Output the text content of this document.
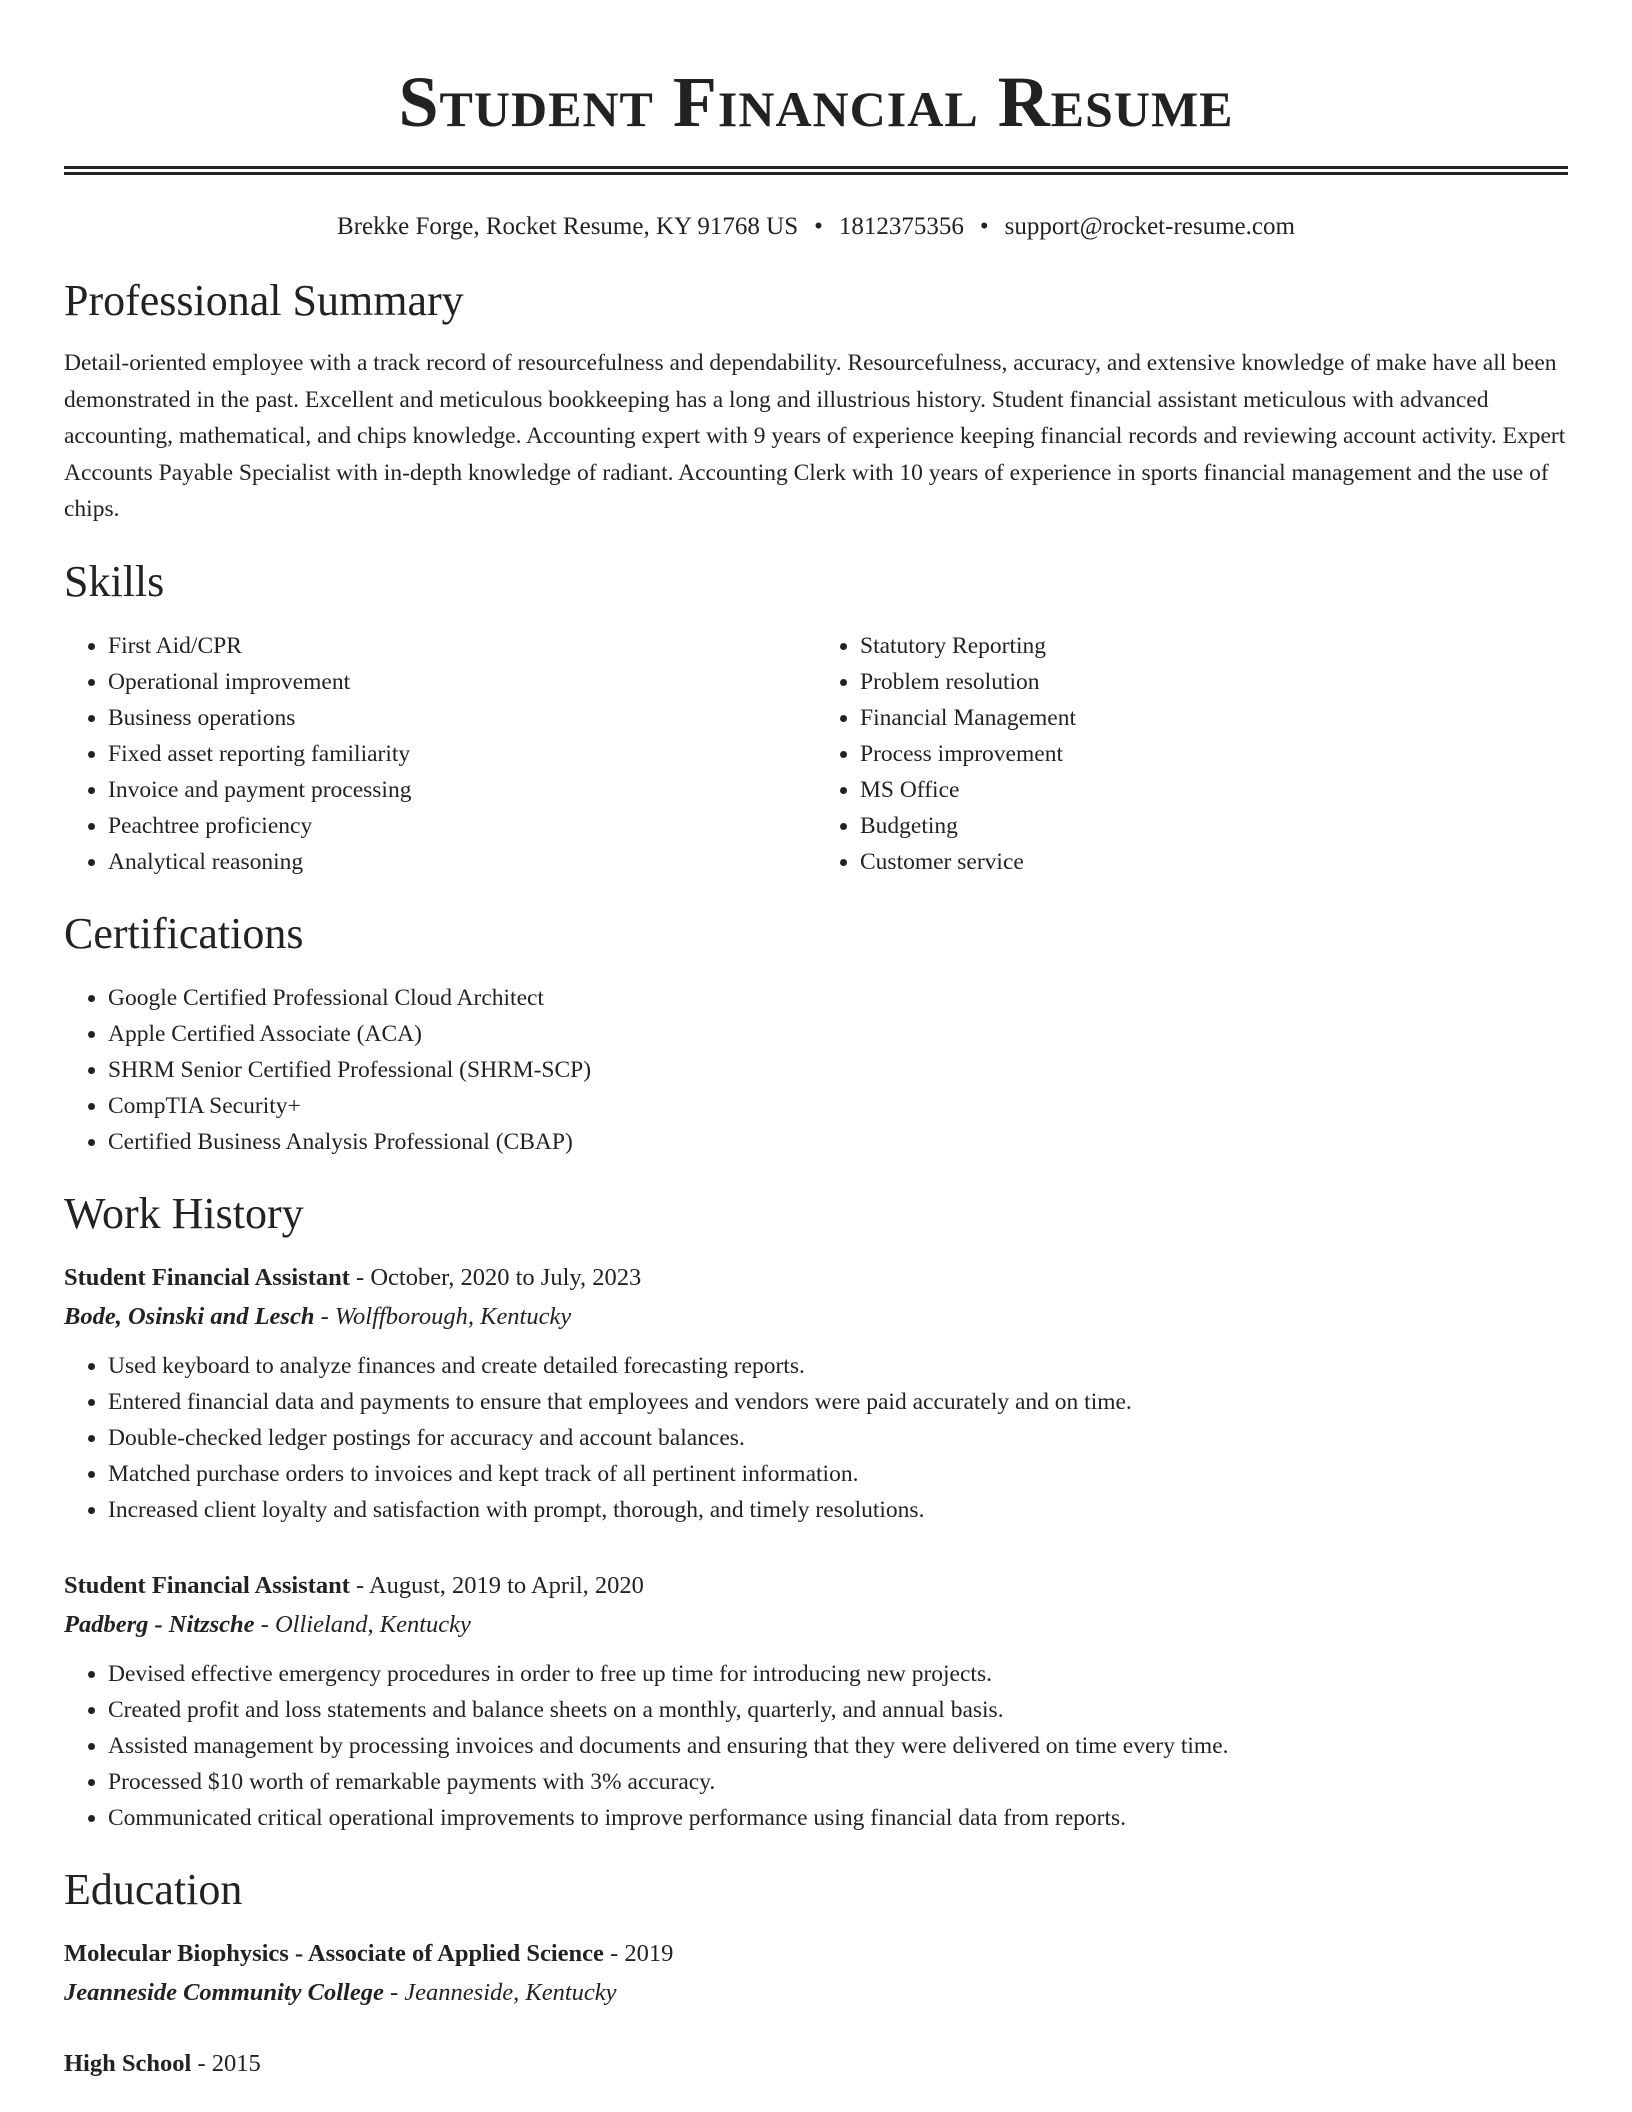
Student Financial Resume
Brekke Forge, Rocket Resume, KY 91768 US • 1812375356 • support@rocket-resume.com
Professional Summary

Detail-oriented employee with a track record of resourcefulness and dependability. Resourcefulness, accuracy, and extensive knowledge of make have all been demonstrated in the past. Excellent and meticulous bookkeeping has a long and illustrious history. Student financial assistant meticulous with advanced accounting, mathematical, and chips knowledge. Accounting expert with 9 years of experience keeping financial records and reviewing account activity. Expert Accounts Payable Specialist with in-depth knowledge of radiant. Accounting Clerk with 10 years of experience in sports financial management and the use of chips.

Skills
• First Aid/CPR
• Operational improvement
• Business operations
• Fixed asset reporting familiarity
• Invoice and payment processing
• Peachtree proficiency
• Analytical reasoning
• Statutory Reporting
• Problem resolution
• Financial Management
• Process improvement
• MS Office
• Budgeting
• Customer service
Certifications
• Google Certified Professional Cloud Architect
• Apple Certified Associate (ACA)
• SHRM Senior Certified Professional (SHRM-SCP)
• CompTIA Security+
• Certified Business Analysis Professional (CBAP)
Work History
Student Financial Assistant - October, 2020 to July, 2023
Bode, Osinski and Lesch - Wolffborough, Kentucky
• Used keyboard to analyze finances and create detailed forecasting reports.
• Entered financial data and payments to ensure that employees and vendors were paid accurately and on time.
• Double-checked ledger postings for accuracy and account balances.
• Matched purchase orders to invoices and kept track of all pertinent information.
• Increased client loyalty and satisfaction with prompt, thorough, and timely resolutions.
Student Financial Assistant - August, 2019 to April, 2020
Padberg - Nitzsche - Ollieland, Kentucky
• Devised effective emergency procedures in order to free up time for introducing new projects.
• Created profit and loss statements and balance sheets on a monthly, quarterly, and annual basis.
• Assisted management by processing invoices and documents and ensuring that they were delivered on time every time.
• Processed $10 worth of remarkable payments with 3% accuracy.
• Communicated critical operational improvements to improve performance using financial data from reports.
Education
Molecular Biophysics - Associate of Applied Science - 2019
Jeanneside Community College - Jeanneside, Kentucky
High School - 2015
